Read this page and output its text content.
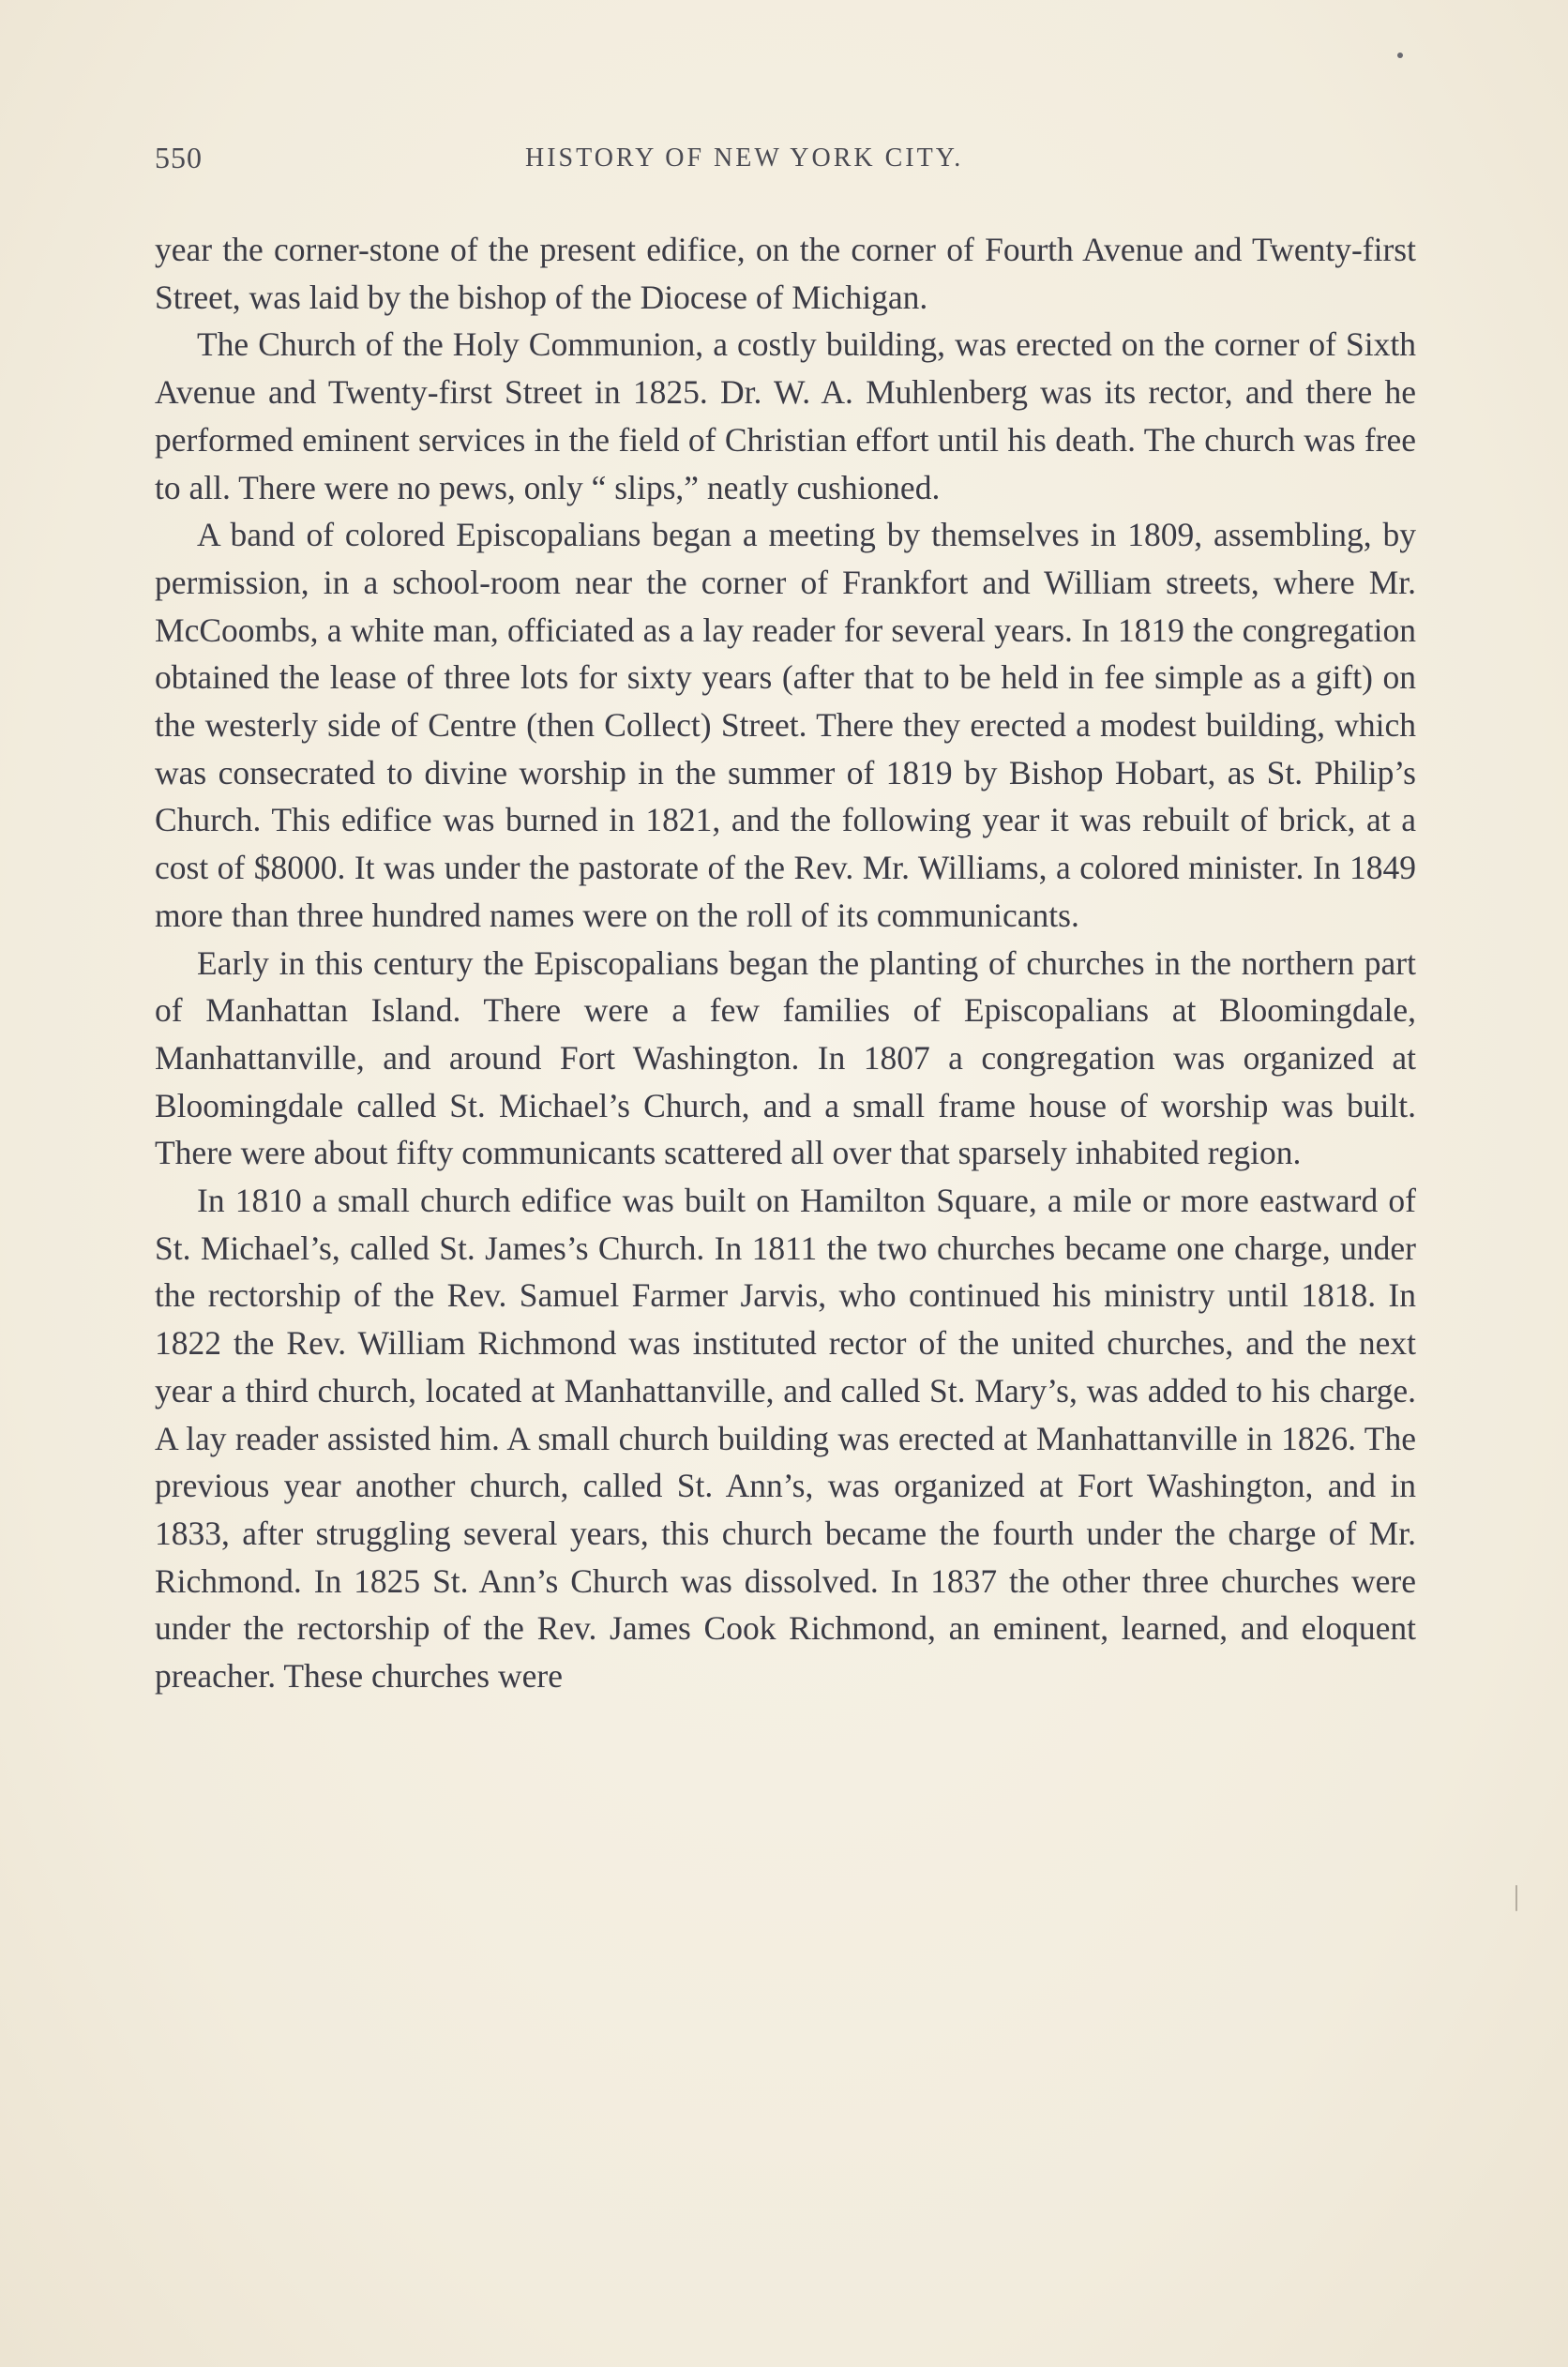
550	HISTORY OF NEW YORK CITY.

year the corner-stone of the present edifice, on the corner of Fourth Avenue and Twenty-first Street, was laid by the bishop of the Diocese of Michigan.

The Church of the Holy Communion, a costly building, was erected on the corner of Sixth Avenue and Twenty-first Street in 1825. Dr. W. A. Muhlenberg was its rector, and there he performed eminent services in the field of Christian effort until his death. The church was free to all. There were no pews, only “ slips,” neatly cushioned.

A band of colored Episcopalians began a meeting by themselves in 1809, assembling, by permission, in a school-room near the corner of Frankfort and William streets, where Mr. McCoombs, a white man, officiated as a lay reader for several years. In 1819 the congregation obtained the lease of three lots for sixty years (after that to be held in fee simple as a gift) on the westerly side of Centre (then Collect) Street. There they erected a modest building, which was consecrated to divine worship in the summer of 1819 by Bishop Hobart, as St. Philip’s Church. This edifice was burned in 1821, and the following year it was rebuilt of brick, at a cost of $8000. It was under the pastorate of the Rev. Mr. Williams, a colored minister. In 1849 more than three hundred names were on the roll of its communicants.

Early in this century the Episcopalians began the planting of churches in the northern part of Manhattan Island. There were a few families of Episcopalians at Bloomingdale, Manhattanville, and around Fort Washington. In 1807 a congregation was organized at Bloomingdale called St. Michael’s Church, and a small frame house of worship was built. There were about fifty communicants scattered all over that sparsely inhabited region.

In 1810 a small church edifice was built on Hamilton Square, a mile or more eastward of St. Michael’s, called St. James’s Church. In 1811 the two churches became one charge, under the rectorship of the Rev. Samuel Farmer Jarvis, who continued his ministry until 1818. In 1822 the Rev. William Richmond was instituted rector of the united churches, and the next year a third church, located at Manhattanville, and called St. Mary’s, was added to his charge. A lay reader assisted him. A small church building was erected at Manhattanville in 1826. The previous year another church, called St. Ann’s, was organized at Fort Washington, and in 1833, after struggling several years, this church became the fourth under the charge of Mr. Richmond. In 1825 St. Ann’s Church was dissolved. In 1837 the other three churches were under the rectorship of the Rev. James Cook Richmond, an eminent, learned, and eloquent preacher. These churches were
